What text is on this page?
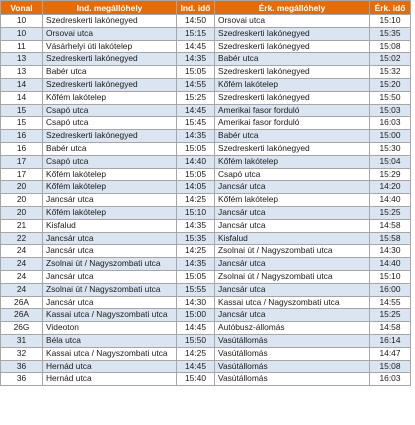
Vonal	Ind. megállóhely	Ind. idő	Érk. megállóhely	Érk. idő
10	Szedreskerti lakónegyed	14:50	Orsovai utca	15:10
10	Orsovai utca	15:15	Szedreskerti lakónegyed	15:35
11	Vásárhelyi úti lakótelep	14:45	Szedreskerti lakónegyed	15:08
13	Szedreskerti lakónegyed	14:35	Babér utca	15:02
13	Babér utca	15:05	Szedreskerti lakónegyed	15:32
14	Szedreskerti lakónegyed	14:55	Kőfém lakótelep	15:20
14	Kőfém lakótelep	15:25	Szedreskerti lakónegyed	15:50
15	Csapó utca	14:45	Amerikai fasor forduló	15:03
15	Csapó utca	15:45	Amerikai fasor forduló	16:03
16	Szedreskerti lakónegyed	14:35	Babér utca	15:00
16	Babér utca	15:05	Szedreskerti lakónegyed	15:30
17	Csapó utca	14:40	Kőfém lakótelep	15:04
17	Kőfém lakótelep	15:05	Csapó utca	15:29
20	Kőfém lakótelep	14:05	Jancsár utca	14:20
20	Jancsár utca	14:25	Kőfém lakótelep	14:40
20	Kőfém lakótelep	15:10	Jancsár utca	15:25
21	Kisfalud	14:35	Jancsár utca	14:58
22	Jancsár utca	15:35	Kisfalud	15:58
24	Jancsár utca	14:25	Zsolnai út / Nagyszombati utca	14:30
24	Zsolnai út / Nagyszombati utca	14:35	Jancsár utca	14:40
24	Jancsár utca	15:05	Zsolnai út / Nagyszombati utca	15:10
24	Zsolnai út / Nagyszombati utca	15:55	Jancsár utca	16:00
26A	Jancsár utca	14:30	Kassai utca / Nagyszombati utca	14:55
26A	Kassai utca / Nagyszombati utca	15:00	Jancsár utca	15:25
26G	Videoton	14:45	Autóbusz-állomás	14:58
31	Béla utca	15:50	Vasútállomás	16:14
32	Kassai utca / Nagyszombati utca	14:25	Vasútállomás	14:47
36	Hernád utca	14:45	Vasútállomás	15:08
36	Hernád utca	15:40	Vasútállomás	16:03
